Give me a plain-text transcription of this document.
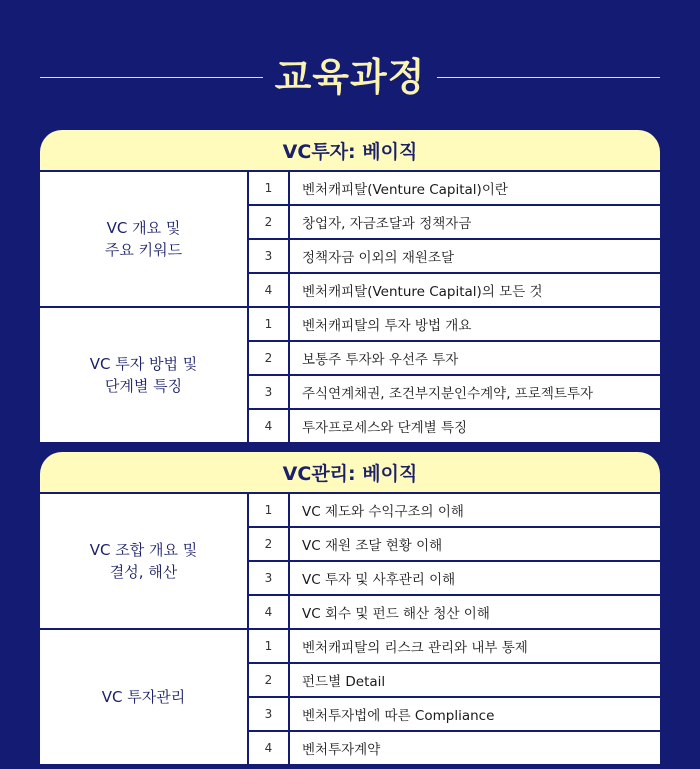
교육과정
VC투자: 베이직
VC 개요 및
주요 키워드
1	벤처캐피탈(Venture Capital)이란
2	창업자, 자금조달과 정책자금
3	정책자금 이외의 재원조달
4	벤처캐피탈(Venture Capital)의 모든 것
VC 투자 방법 및
단계별 특징
1	벤처캐피탈의 투자 방법 개요
2	보통주 투자와 우선주 투자
3	주식연계채권, 조건부지분인수계약, 프로젝트투자
4	투자프로세스와 단계별 특징
VC관리: 베이직
VC 조합 개요 및
결성, 해산
1	VC 제도와 수익구조의 이해
2	VC 재원 조달 현황 이해
3	VC 투자 및 사후관리 이해
4	VC 회수 및 펀드 해산 청산 이해
VC 투자관리
1	벤처캐피탈의 리스크 관리와 내부 통제
2	펀드별 Detail
3	벤처투자법에 따른 Compliance
4	벤처투자계약
